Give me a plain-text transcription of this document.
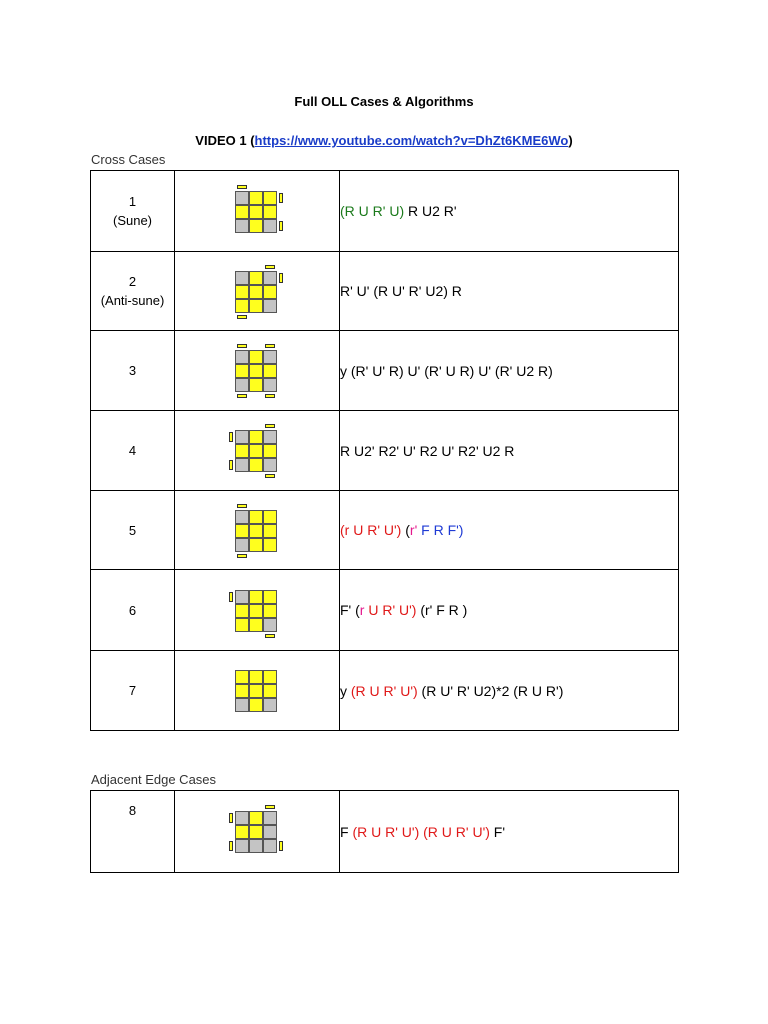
Full OLL Cases & Algorithms
VIDEO 1 (https://www.youtube.com/watch?v=DhZt6KME6Wo)
Cross Cases
1
(Sune)		(R U R' U) R U2 R'

2
(Anti-sune)		R' U' (R U' R' U2) R

3		y (R' U' R) U' (R' U R) U' (R' U2 R)

4		R U2' R2' U' R2 U' R2' U2 R

5		(r U R' U') (r' F R F')

6		F' (r U R' U') (r' F R )

7		y (R U R' U') (R U' R' U2)*2 (R U R')
Adjacent Edge Cases
8

	F (R U R' U') (R U R' U') F'
